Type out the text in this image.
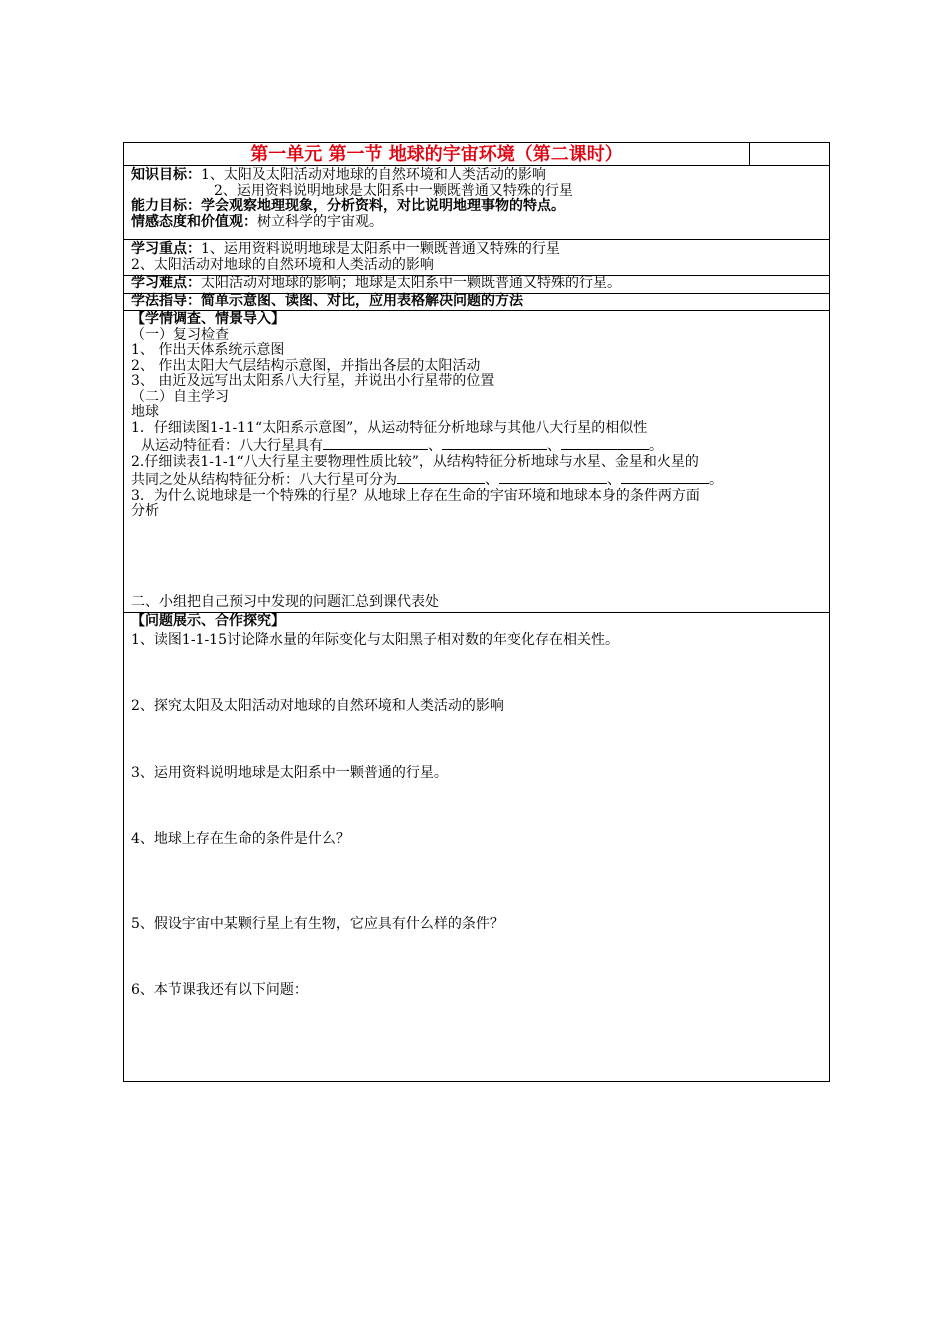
第一单元 第一节 地球的宇宙环境（第二课时）
知识目标：1、太阳及太阳活动对地球的自然环境和人类活动的影响
2、运用资料说明地球是太阳系中一颗既普通又特殊的行星
能力目标：学会观察地理现象，分析资料，对比说明地理事物的特点。
情感态度和价值观：树立科学的宇宙观。
学习重点：1、运用资料说明地球是太阳系中一颗既普通又特殊的行星
2、太阳活动对地球的自然环境和人类活动的影响
学习难点：太阳活动对地球的影响；地球是太阳系中一颗既普通又特殊的行星。
学法指导：简单示意图、读图、对比，应用表格解决问题的方法
【学情调查、情景导入】
（一）复习检查
1、 作出天体系统示意图
2、 作出太阳大气层结构示意图，并指出各层的太阳活动
3、 由近及远写出太阳系八大行星，并说出小行星带的位置
（二）自主学习
地球
1．仔细读图1-1-11“太阳系示意图”，从运动特征分析地球与其他八大行星的相似性
从运动特征看：八大行星具有	、	、	。
2.仔细读表1-1-1“八大行星主要物理性质比较”，从结构特征分析地球与水星、金星和火星的
共同之处从结构特征分析：八大行星可分为	、	、	。
3．为什么说地球是一个特殊的行星？从地球上存在生命的宇宙环境和地球本身的条件两方面
分析
二、小组把自己预习中发现的问题汇总到课代表处
【问题展示、合作探究】
1、读图1-1-15讨论降水量的年际变化与太阳黑子相对数的年变化存在相关性。
2、探究太阳及太阳活动对地球的自然环境和人类活动的影响
3、运用资料说明地球是太阳系中一颗普通的行星。
4、地球上存在生命的条件是什么？
5、假设宇宙中某颗行星上有生物，它应具有什么样的条件？
6、本节课我还有以下问题：
